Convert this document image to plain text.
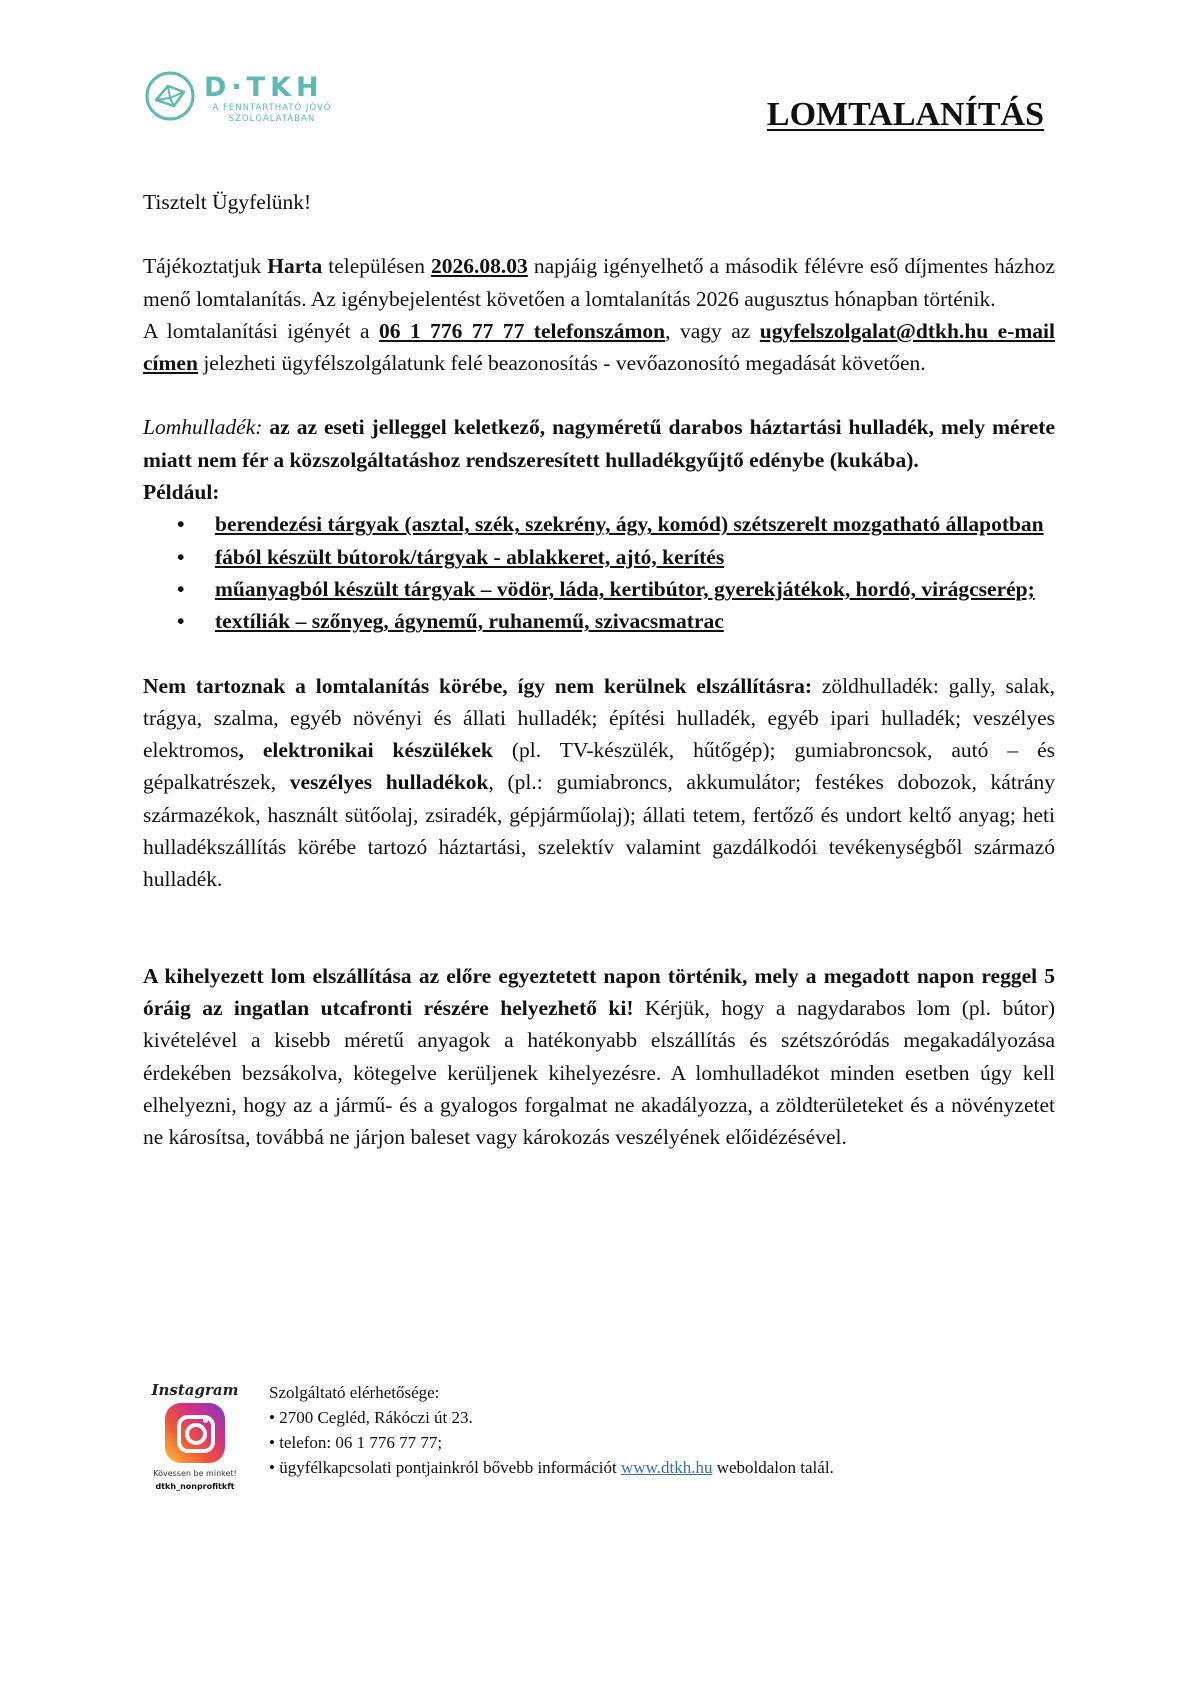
D·TKH
A FENNTARTHATÓ JÖVŐ
SZOLGÁLATÁBAN	LOMTALANÍTÁS

Tisztelt Ügyfelünk!

Tájékoztatjuk Harta településen 2026.08.03 napjáig igényelhető a második félévre eső díjmentes házhoz menő lomtalanítás. Az igénybejelentést követően a lomtalanítás 2026 augusztus hónapban történik.

A lomtalanítási igényét a 06 1 776 77 77 telefonszámon, vagy az ugyfelszolgalat@dtkh.hu e-mail címen jelezheti ügyfélszolgálatunk felé beazonosítás - vevőazonosító megadását követően.

Lomhulladék: az az eseti jelleggel keletkező, nagyméretű darabos háztartási hulladék, mely mérete miatt nem fér a közszolgáltatáshoz rendszeresített hulladékgyűjtő edénybe (kukába).

Például:

• berendezési tárgyak (asztal, szék, szekrény, ágy, komód) szétszerelt mozgatható állapotban
• fából készült bútorok/tárgyak - ablakkeret, ajtó, kerítés
• műanyagból készült tárgyak – vödör, láda, kertibútor, gyerekjátékok, hordó, virágcserép;
• textíliák – szőnyeg, ágynemű, ruhanemű, szivacsmatrac

Nem tartoznak a lomtalanítás körébe, így nem kerülnek elszállításra: zöldhulladék: gally, salak, trágya, szalma, egyéb növényi és állati hulladék; építési hulladék, egyéb ipari hulladék; veszélyes elektromos, elektronikai készülékek (pl. TV-készülék, hűtőgép); gumiabroncsok, autó – és gépalkatrészek, veszélyes hulladékok, (pl.: gumiabroncs, akkumulátor; festékes dobozok, kátrány származékok, használt sütőolaj, zsiradék, gépjárműolaj); állati tetem, fertőző és undort keltő anyag; heti hulladékszállítás körébe tartozó háztartási, szelektív valamint gazdálkodói tevékenységből származó hulladék.

A kihelyezett lom elszállítása az előre egyeztetett napon történik, mely a megadott napon reggel 5 óráig az ingatlan utcafronti részére helyezhető ki! Kérjük, hogy a nagydarabos lom (pl. bútor) kivételével a kisebb méretű anyagok a hatékonyabb elszállítás és szétszóródás megakadályozása érdekében bezsákolva, kötegelve kerüljenek kihelyezésre. A lomhulladékot minden esetben úgy kell elhelyezni, hogy az a jármű- és a gyalogos forgalmat ne akadályozza, a zöldterületeket és a növényzetet ne károsítsa, továbbá ne járjon baleset vagy károkozás veszélyének előidézésével.

Instagram
Kövessen be minket!
dtkh_nonprofitkft
Szolgáltató elérhetősége:
• 2700 Cegléd, Rákóczi út 23.
• telefon: 06 1 776 77 77;
• ügyfélkapcsolati pontjainkról bővebb információt www.dtkh.hu weboldalon talál.
